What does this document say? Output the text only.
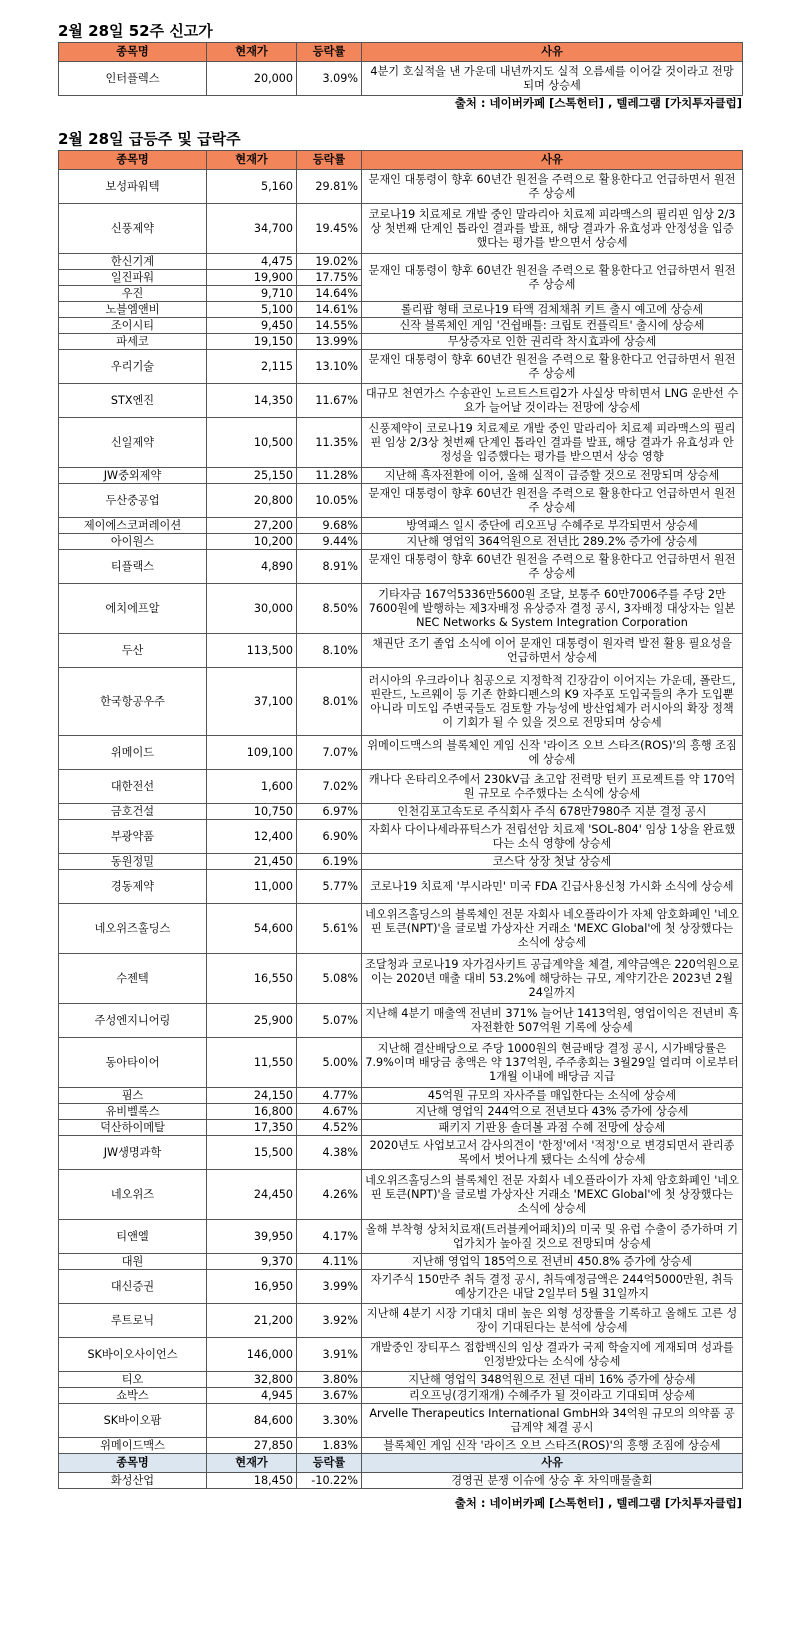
2월 28일 52주 신고가
종목명	현재가	등락률	사유
인터플렉스	20,000	3.09%	4분기 호실적을 낸 가운데 내년까지도 실적 오름세를 이어갈 것이라고 전망되며 상승세
출처 : 네이버카페 [스톡헌터] , 텔레그램 [가치투자클럽]
2월 28일 급등주 및 급락주
종목명	현재가	등락률	사유
보성파워텍	5,160	29.81%	문재인 대통령이 향후 60년간 원전을 주력으로 활용한다고 언급하면서 원전주 상승세
신풍제약	34,700	19.45%	코로나19 치료제로 개발 중인 말라리아 치료제 피라맥스의 필리핀 임상 2/3상 첫번째 단계인 톱라인 결과를 발표, 해당 결과가 유효성과 안정성을 입증했다는 평가를 받으면서 상승세
한신기계	4,475	19.02%	문재인 대통령이 향후 60년간 원전을 주력으로 활용한다고 언급하면서 원전주 상승세
일진파워	19,900	17.75%	
우진	9,710	14.64%	
노블엠앤비	5,100	14.61%	롤리팝 형태 코로나19 타액 검체채취 키트 출시 예고에 상승세
조이시티	9,450	14.55%	신작 블록체인 게임 '건쉽배틀: 크립토 컨플릭트' 출시에 상승세
파세코	19,150	13.99%	무상증자로 인한 권리락 착시효과에 상승세
우리기술	2,115	13.10%	문재인 대통령이 향후 60년간 원전을 주력으로 활용한다고 언급하면서 원전주 상승세
STX엔진	14,350	11.67%	대규모 천연가스 수송관인 노르트스트림2가 사실상 막히면서 LNG 운반선 수요가 늘어날 것이라는 전망에 상승세
신일제약	10,500	11.35%	신풍제약이 코로나19 치료제로 개발 중인 말라리아 치료제 피라맥스의 필리핀 임상 2/3상 첫번째 단계인 톱라인 결과를 발표, 해당 결과가 유효성과 안정성을 입증했다는 평가를 받으면서 상승 영향
JW중외제약	25,150	11.28%	지난해 흑자전환에 이어, 올해 실적이 급증할 것으로 전망되며 상승세
두산중공업	20,800	10.05%	문재인 대통령이 향후 60년간 원전을 주력으로 활용한다고 언급하면서 원전주 상승세
제이에스코퍼레이션	27,200	9.68%	방역패스 일시 중단에 리오프닝 수혜주로 부각되면서 상승세
아이원스	10,200	9.44%	지난해 영업익 364억원으로 전년比 289.2% 증가에 상승세
티플랙스	4,890	8.91%	문재인 대통령이 향후 60년간 원전을 주력으로 활용한다고 언급하면서 원전주 상승세
에치에프알	30,000	8.50%	기타자금 167억5336만5600원 조달, 보통주 60만7006주를 주당 2만7600원에 발행하는 제3자배정 유상증자 결정 공시, 3자배정 대상자는 일본 NEC Networks & System Integration Corporation
두산	113,500	8.10%	채권단 조기 졸업 소식에 이어 문재인 대통령이 원자력 발전 활용 필요성을 언급하면서 상승세
한국항공우주	37,100	8.01%	러시아의 우크라이나 침공으로 지정학적 긴장감이 이어지는 가운데, 폴란드, 핀란드, 노르웨이 등 기존 한화디펜스의 K9 자주포 도입국들의 추가 도입뿐 아니라 미도입 주변국들도 검토할 가능성에 방산업체가 러시아의 확장 정책이 기회가 될 수 있을 것으로 전망되며 상승세
위메이드	109,100	7.07%	위메이드맥스의 블록체인 게임 신작 '라이즈 오브 스타즈(ROS)'의 흥행 조짐에 상승세
대한전선	1,600	7.02%	캐나다 온타리오주에서 230kV급 초고압 전력망 턴키 프로젝트를 약 170억원 규모로 수주했다는 소식에 상승세
금호건설	10,750	6.97%	인천김포고속도로 주식회사 주식 678만7980주 지분 결정 공시
부광약품	12,400	6.90%	자회사 다이나세라퓨틱스가 전립선암 치료제 'SOL-804' 임상 1상을 완료했다는 소식 영향에 상승세
동원정밀	21,450	6.19%	코스닥 상장 첫날 상승세
경동제약	11,000	5.77%	코로나19 치료제 '부시라민' 미국 FDA 긴급사용신청 가시화 소식에 상승세
네오위즈홀딩스	54,600	5.61%	네오위즈홀딩스의 블록체인 전문 자회사 네오플라이가 자체 암호화폐인 '네오핀 토큰(NPT)'을 글로벌 가상자산 거래소 'MEXC Global'에 첫 상장했다는 소식에 상승세
수젠텍	16,550	5.08%	조달청과 코로나19 자가검사키트 공급계약을 체결, 계약금액은 220억원으로 이는 2020년 매출 대비 53.2%에 해당하는 규모, 계약기간은 2023년 2월 24일까지
주성엔지니어링	25,900	5.07%	지난해 4분기 매출액 전년비 371% 늘어난 1413억원, 영업이익은 전년비 흑자전환한 507억원 기록에 상승세
동아타이어	11,550	5.00%	지난해 결산배당으로 주당 1000원의 현금배당 결정 공시, 시가배당률은 7.9%이며 배당금 총액은 약 137억원, 주주총회는 3월29일 열리며 이로부터 1개월 이내에 배당금 지급
핌스	24,150	4.77%	45억원 규모의 자사주를 매입한다는 소식에 상승세
유비벨록스	16,800	4.67%	지난해 영업익 244억으로 전년보다 43% 증가에 상승세
덕산하이메탈	17,350	4.52%	패키지 기판용 솔더볼 과점 수혜 전망에 상승세
JW생명과학	15,500	4.38%	2020년도 사업보고서 감사의견이 '한정'에서 '적정'으로 변경되면서 관리종목에서 벗어나게 됐다는 소식에 상승세
네오위즈	24,450	4.26%	네오위즈홀딩스의 블록체인 전문 자회사 네오플라이가 자체 암호화폐인 '네오핀 토큰(NPT)'을 글로벌 가상자산 거래소 'MEXC Global'에 첫 상장했다는 소식에 상승세
티앤엘	39,950	4.17%	올해 부착형 상처치료재(트러블케어패치)의 미국 및 유럽 수출이 증가하며 기업가치가 높아질 것으로 전망되며 상승세
대원	9,370	4.11%	지난해 영업익 185억으로 전년비 450.8% 증가에 상승세
대신증권	16,950	3.99%	자기주식 150만주 취득 결정 공시, 취득예정금액은 244억5000만원, 취득 예상기간은 내달 2일부터 5월 31일까지
루트로닉	21,200	3.92%	지난해 4분기 시장 기대치 대비 높은 외형 성장률을 기록하고 올해도 고른 성장이 기대된다는 분석에 상승세
SK바이오사이언스	146,000	3.91%	개발중인 장티푸스 접합백신의 임상 결과가 국제 학술지에 게재되며 성과를 인정받았다는 소식에 상승세
티오	32,800	3.80%	지난해 영업익 348억원으로 전년 대비 16% 증가에 상승세
쇼박스	4,945	3.67%	리오프닝(경기재개) 수혜주가 될 것이라고 기대되며 상승세
SK바이오팜	84,600	3.30%	Arvelle Therapeutics International GmbH와 34억원 규모의 의약품 공급계약 체결 공시
위메이드맥스	27,850	1.83%	블록체인 게임 신작 '라이즈 오브 스타즈(ROS)'의 흥행 조짐에 상승세
종목명	현재가	등락률	사유
화성산업	18,450	-10.22%	경영권 분쟁 이슈에 상승 후 차익매물출회
출처 : 네이버카페 [스톡헌터] , 텔레그램 [가치투자클럽]
